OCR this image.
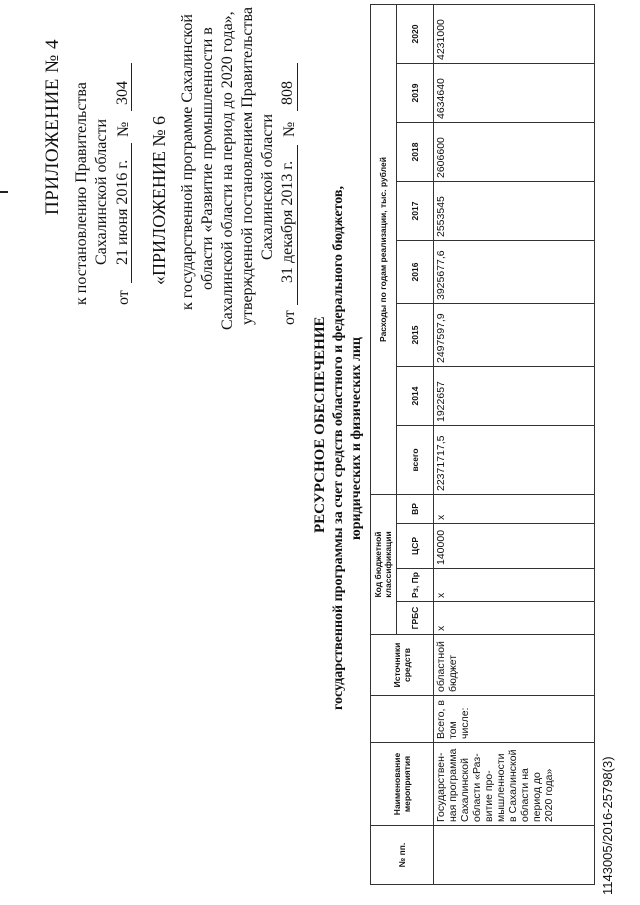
ПРИЛОЖЕНИЕ № 4 к постановлению Правительства Сахалинской области
от
21 июня 2016 г.
№
304
«ПРИЛОЖЕНИЕ № 6 к государственной программе Сахалинской области «Развитие промышленности в Сахалинской области на период до 2020 года», утвержденной постановлением Правительства Сахалинской области
от
31 декабря 2013 г.
№
808
РЕСУРСНОЕ ОБЕСПЕЧЕНИЕ государственной программы за счет средств областного и федерального бюджетов, юридических и физических лиц
№ пп.	Наименование мероприятия		Источники средств	Код бюджетной классификации				Расходы по годам реализации, тыс. рублей							
				ГРБС	Рз, Пр	ЦСР	ВР	всего	2014	2015	2016	2017	2018	2019	2020
	Государствен-ная программа Сахалинской области «Раз-витие про-мышленности в Сахалинской области на период до 2020 года»	Всего, в том числе:	областной бюджет	х	х	140000	х	22371717,5	1922657	2497597,9	3925677,6	2553545	2606600	4634640	4231000
1143005/2016-25798(3)
